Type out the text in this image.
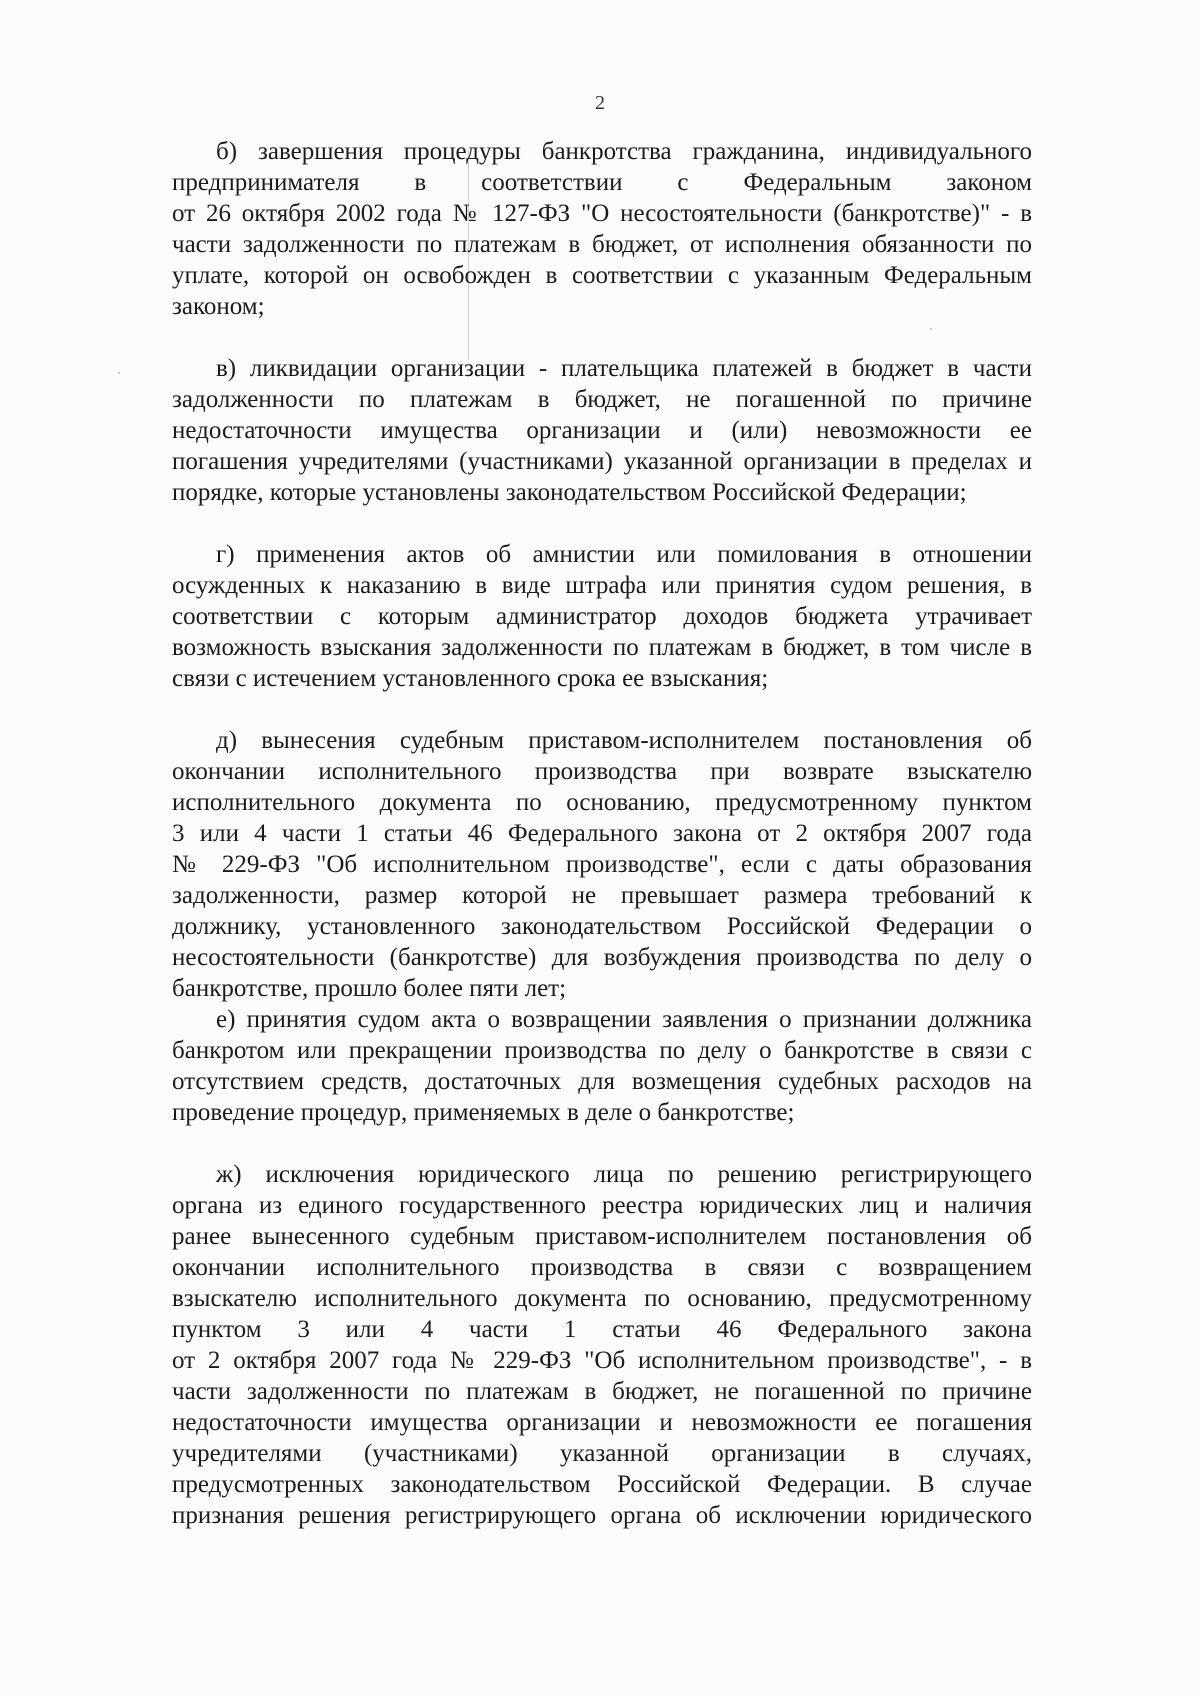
2
б) завершения процедуры банкротства гражданина, индивидуального
предпринимателя в соответствии с Федеральным законом
от 26 октября 2002 года № 127-ФЗ "О несостоятельности (банкротстве)" - в
части задолженности по платежам в бюджет, от исполнения обязанности по
уплате, которой он освобожден в соответствии с указанным Федеральным
законом;
в) ликвидации организации - плательщика платежей в бюджет в части
задолженности по платежам в бюджет, не погашенной по причине
недостаточности имущества организации и (или) невозможности ее
погашения учредителями (участниками) указанной организации в пределах и
порядке, которые установлены законодательством Российской Федерации;
г) применения актов об амнистии или помилования в отношении
осужденных к наказанию в виде штрафа или принятия судом решения, в
соответствии с которым администратор доходов бюджета утрачивает
возможность взыскания задолженности по платежам в бюджет, в том числе в
связи с истечением установленного срока ее взыскания;
д) вынесения судебным приставом-исполнителем постановления об
окончании исполнительного производства при возврате взыскателю
исполнительного документа по основанию, предусмотренному пунктом
3 или 4 части 1 статьи 46 Федерального закона от 2 октября 2007 года
№ 229-ФЗ "Об исполнительном производстве", если с даты образования
задолженности, размер которой не превышает размера требований к
должнику, установленного законодательством Российской Федерации о
несостоятельности (банкротстве) для возбуждения производства по делу о
банкротстве, прошло более пяти лет;
е) принятия судом акта о возвращении заявления о признании должника
банкротом или прекращении производства по делу о банкротстве в связи с
отсутствием средств, достаточных для возмещения судебных расходов на
проведение процедур, применяемых в деле о банкротстве;
ж) исключения юридического лица по решению регистрирующего
органа из единого государственного реестра юридических лиц и наличия
ранее вынесенного судебным приставом-исполнителем постановления об
окончании исполнительного производства в связи с возвращением
взыскателю исполнительного документа по основанию, предусмотренному
пунктом 3 или 4 части 1 статьи 46 Федерального закона
от 2 октября 2007 года № 229-ФЗ "Об исполнительном производстве", - в
части задолженности по платежам в бюджет, не погашенной по причине
недостаточности имущества организации и невозможности ее погашения
учредителями (участниками) указанной организации в случаях,
предусмотренных законодательством Российской Федерации. В случае
признания решения регистрирующего органа об исключении юридического
